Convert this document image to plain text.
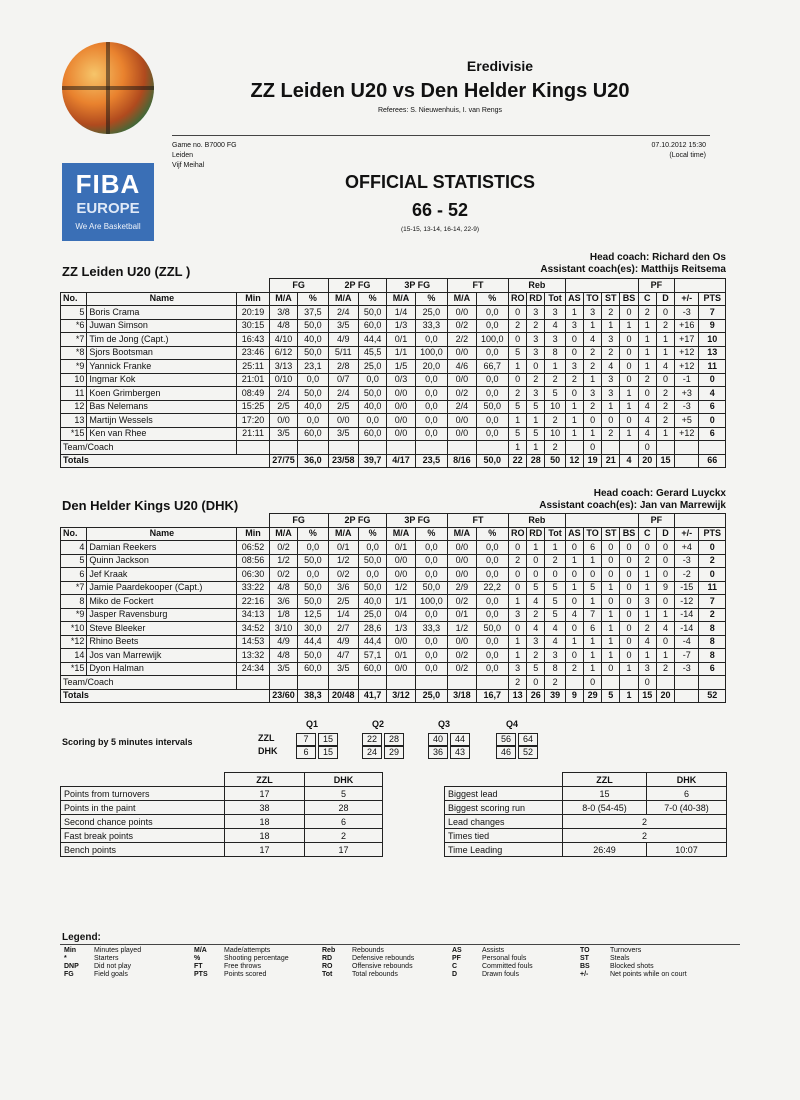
FIBA
EUROPE
We Are Basketball
Eredivisie
ZZ Leiden U20 vs Den Helder Kings U20
Referees: S. Nieuwenhuis, I. van Rengs
Game no. B7000 FG
Leiden
Vijf Meihal
07.10.2012 15:30
(Local time)
OFFICIAL STATISTICS
66 - 52
(15-15, 13-14, 16-14, 22-9)
Head coach: Richard den Os
Assistant coach(es): Matthijs Reitsema
ZZ Leiden U20 (ZZL )
			FG		2P FG		3P FG		FT		Reb							PF			
No.	Name	Min	M/A	%	M/A	%	M/A	%	M/A	%	RO	RD	Tot	AS	TO	ST	BS	C	D	+/-	PTS
5	Boris Crama	20:19	3/8	37,5	2/4	50,0	1/4	25,0	0/0	0,0	0	3	3	1	3	2	0	2	0	-3	7
*6	Juwan Simson	30:15	4/8	50,0	3/5	60,0	1/3	33,3	0/2	0,0	2	2	4	3	1	1	1	1	2	+16	9
*7	Tim de Jong (Capt.)	16:43	4/10	40,0	4/9	44,4	0/1	0,0	2/2	100,0	0	3	3	0	4	3	0	1	1	+17	10
*8	Sjors Bootsman	23:46	6/12	50,0	5/11	45,5	1/1	100,0	0/0	0,0	5	3	8	0	2	2	0	1	1	+12	13
*9	Yannick Franke	25:11	3/13	23,1	2/8	25,0	1/5	20,0	4/6	66,7	1	0	1	3	2	4	0	1	4	+12	11
10	Ingmar Kok	21:01	0/10	0,0	0/7	0,0	0/3	0,0	0/0	0,0	0	2	2	2	1	3	0	2	0	-1	0
11	Koen Grimbergen	08:49	2/4	50,0	2/4	50,0	0/0	0,0	0/2	0,0	2	3	5	0	3	3	1	0	2	+3	4
12	Bas Nelemans	15:25	2/5	40,0	2/5	40,0	0/0	0,0	2/4	50,0	5	5	10	1	2	1	1	4	2	-3	6
13	Martijn Wessels	17:20	0/0	0,0	0/0	0,0	0/0	0,0	0/0	0,0	1	1	2	1	0	0	0	4	2	+5	0
*15	Ken van Rhee	21:11	3/5	60,0	3/5	60,0	0/0	0,0	0/0	0,0	5	5	10	1	1	2	1	4	1	+12	6
Team/Coach											1	1	2		0			0			
Totals			27/75	36,0	23/58	39,7	4/17	23,5	8/16	50,0	22	28	50	12	19	21	4	20	15		66
Head coach: Gerard Luyckx
Assistant coach(es): Jan van Marrewijk
Den Helder Kings U20 (DHK)
			FG		2P FG		3P FG		FT		Reb							PF			
No.	Name	Min	M/A	%	M/A	%	M/A	%	M/A	%	RO	RD	Tot	AS	TO	ST	BS	C	D	+/-	PTS
4	Damian Reekers	06:52	0/2	0,0	0/1	0,0	0/1	0,0	0/0	0,0	0	1	1	0	6	0	0	0	0	+4	0
5	Quinn Jackson	08:56	1/2	50,0	1/2	50,0	0/0	0,0	0/0	0,0	2	0	2	1	1	0	0	2	0	-3	2
6	Jef Kraak	06:30	0/2	0,0	0/2	0,0	0/0	0,0	0/0	0,0	0	0	0	0	0	0	0	1	0	-2	0
*7	Jamie Paardekooper (Capt.)	33:22	4/8	50,0	3/6	50,0	1/2	50,0	2/9	22,2	0	5	5	1	5	1	0	1	9	-15	11
8	Miko de Fockert	22:16	3/6	50,0	2/5	40,0	1/1	100,0	0/2	0,0	1	4	5	0	1	0	0	3	0	-12	7
*9	Jasper Ravensburg	34:13	1/8	12,5	1/4	25,0	0/4	0,0	0/1	0,0	3	2	5	4	7	1	0	1	1	-14	2
*10	Steve Bleeker	34:52	3/10	30,0	2/7	28,6	1/3	33,3	1/2	50,0	0	4	4	0	6	1	0	2	4	-14	8
*12	Rhino Beets	14:53	4/9	44,4	4/9	44,4	0/0	0,0	0/0	0,0	1	3	4	1	1	1	0	4	0	-4	8
14	Jos van Marrewijk	13:32	4/8	50,0	4/7	57,1	0/1	0,0	0/2	0,0	1	2	3	0	1	1	0	1	1	-7	8
*15	Dyon Halman	24:34	3/5	60,0	3/5	60,0	0/0	0,0	0/2	0,0	3	5	8	2	1	0	1	3	2	-3	6
Team/Coach											2	0	2		0			0			
Totals			23/60	38,3	20/48	41,7	3/12	25,0	3/18	16,7	13	26	39	9	29	5	1	15	20		52
Scoring by 5 minutes intervals
Q1	Q2	Q3	Q4
ZZL	7	15	22	28	40	44	56	64
DHK	6	15	24	29	36	43	46	52
	ZZL	DHK
Points from turnovers	17	5
Points in the paint	38	28
Second chance points	18	6
Fast break points	18	2
Bench points	17	17
	ZZL	DHK
Biggest lead	15	6
Biggest scoring run	8-0 (54-45)	7-0 (40-38)
Lead changes	2	
Times tied	2	
Time Leading	26:49	10:07
Legend:
Min	Minutes played
*	Starters
DNP Did not play
FG	Field goals
M/A Made/attempts
%	Shooting percentage
FT	Free throws
PTS Points scored
Reb Rebounds
RD	Defensive rebounds
RO	Offensive rebounds
Tot	Total rebounds
AS	Assists
PF	Personal fouls
C	Committed fouls
D	Drawn fouls
TO	Turnovers
ST	Steals
BS	Blocked shots
+/-	Net points while on court
